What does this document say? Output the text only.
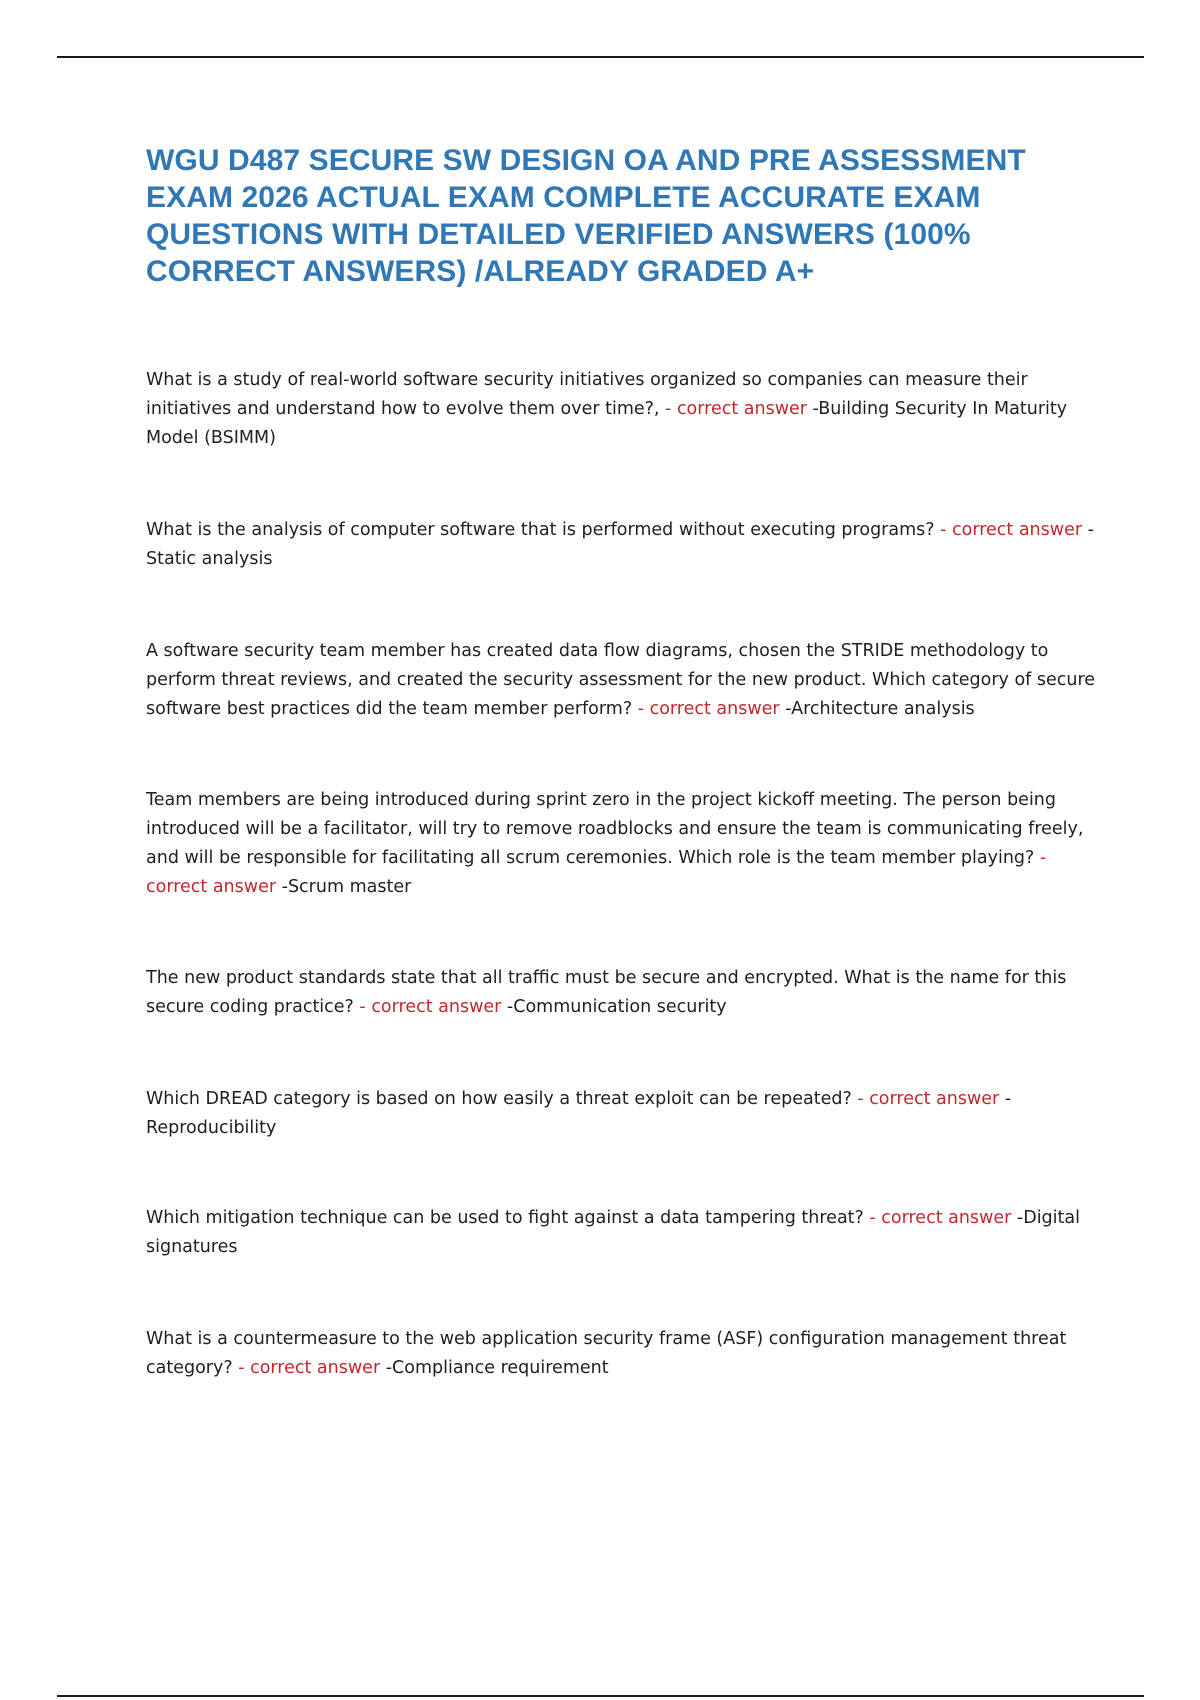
WGU D487 SECURE SW DESIGN OA AND PRE ASSESSMENT EXAM 2026 ACTUAL EXAM COMPLETE ACCURATE EXAM QUESTIONS WITH DETAILED VERIFIED ANSWERS (100% CORRECT ANSWERS) /ALREADY GRADED A+

What is a study of real-world software security initiatives organized so companies can measure their initiatives and understand how to evolve them over time?, - correct answer -Building Security In Maturity Model (BSIMM)

What is the analysis of computer software that is performed without executing programs? - correct answer -Static analysis

A software security team member has created data flow diagrams, chosen the STRIDE methodology to perform threat reviews, and created the security assessment for the new product. Which category of secure software best practices did the team member perform? - correct answer -Architecture analysis

Team members are being introduced during sprint zero in the project kickoff meeting. The person being introduced will be a facilitator, will try to remove roadblocks and ensure the team is communicating freely, and will be responsible for facilitating all scrum ceremonies. Which role is the team member playing? - correct answer -Scrum master

The new product standards state that all traffic must be secure and encrypted. What is the name for this secure coding practice? - correct answer -Communication security

Which DREAD category is based on how easily a threat exploit can be repeated? - correct answer -Reproducibility

Which mitigation technique can be used to fight against a data tampering threat? - correct answer -Digital signatures

What is a countermeasure to the web application security frame (ASF) configuration management threat category? - correct answer -Compliance requirement
